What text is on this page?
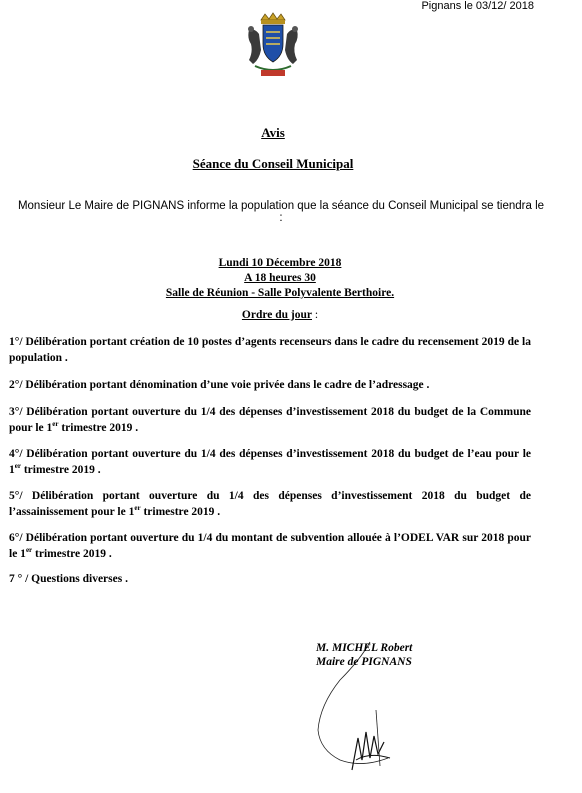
Pignans le 03/12/ 2018
Avis
Séance du Conseil Municipal
Monsieur Le Maire de PIGNANS informe la population que la séance du Conseil Municipal se tiendra le :
Lundi 10 Décembre 2018
A 18 heures 30
Salle de Réunion - Salle Polyvalente Berthoire.
Ordre du jour :
1°/ Délibération portant création de 10 postes d’agents recenseurs dans le cadre du recensement 2019 de la population .
2°/ Délibération portant dénomination d’une voie privée dans le cadre de l’adressage .
3°/ Délibération portant ouverture du 1/4 des dépenses d’investissement 2018 du budget de la Commune pour le 1er trimestre 2019 .
4°/ Délibération portant ouverture du 1/4 des dépenses d’investissement 2018 du budget de l’eau pour le 1er trimestre 2019 .
5°/ Délibération portant ouverture du 1/4 des dépenses d’investissement 2018 du budget de l’assainissement pour le 1er trimestre 2019 .
6°/ Délibération portant ouverture du 1/4 du montant de subvention allouée à l’ODEL VAR sur 2018 pour le 1er trimestre 2019 .
7 ° / Questions diverses .
M. MICHEL Robert
Maire de PIGNANS
